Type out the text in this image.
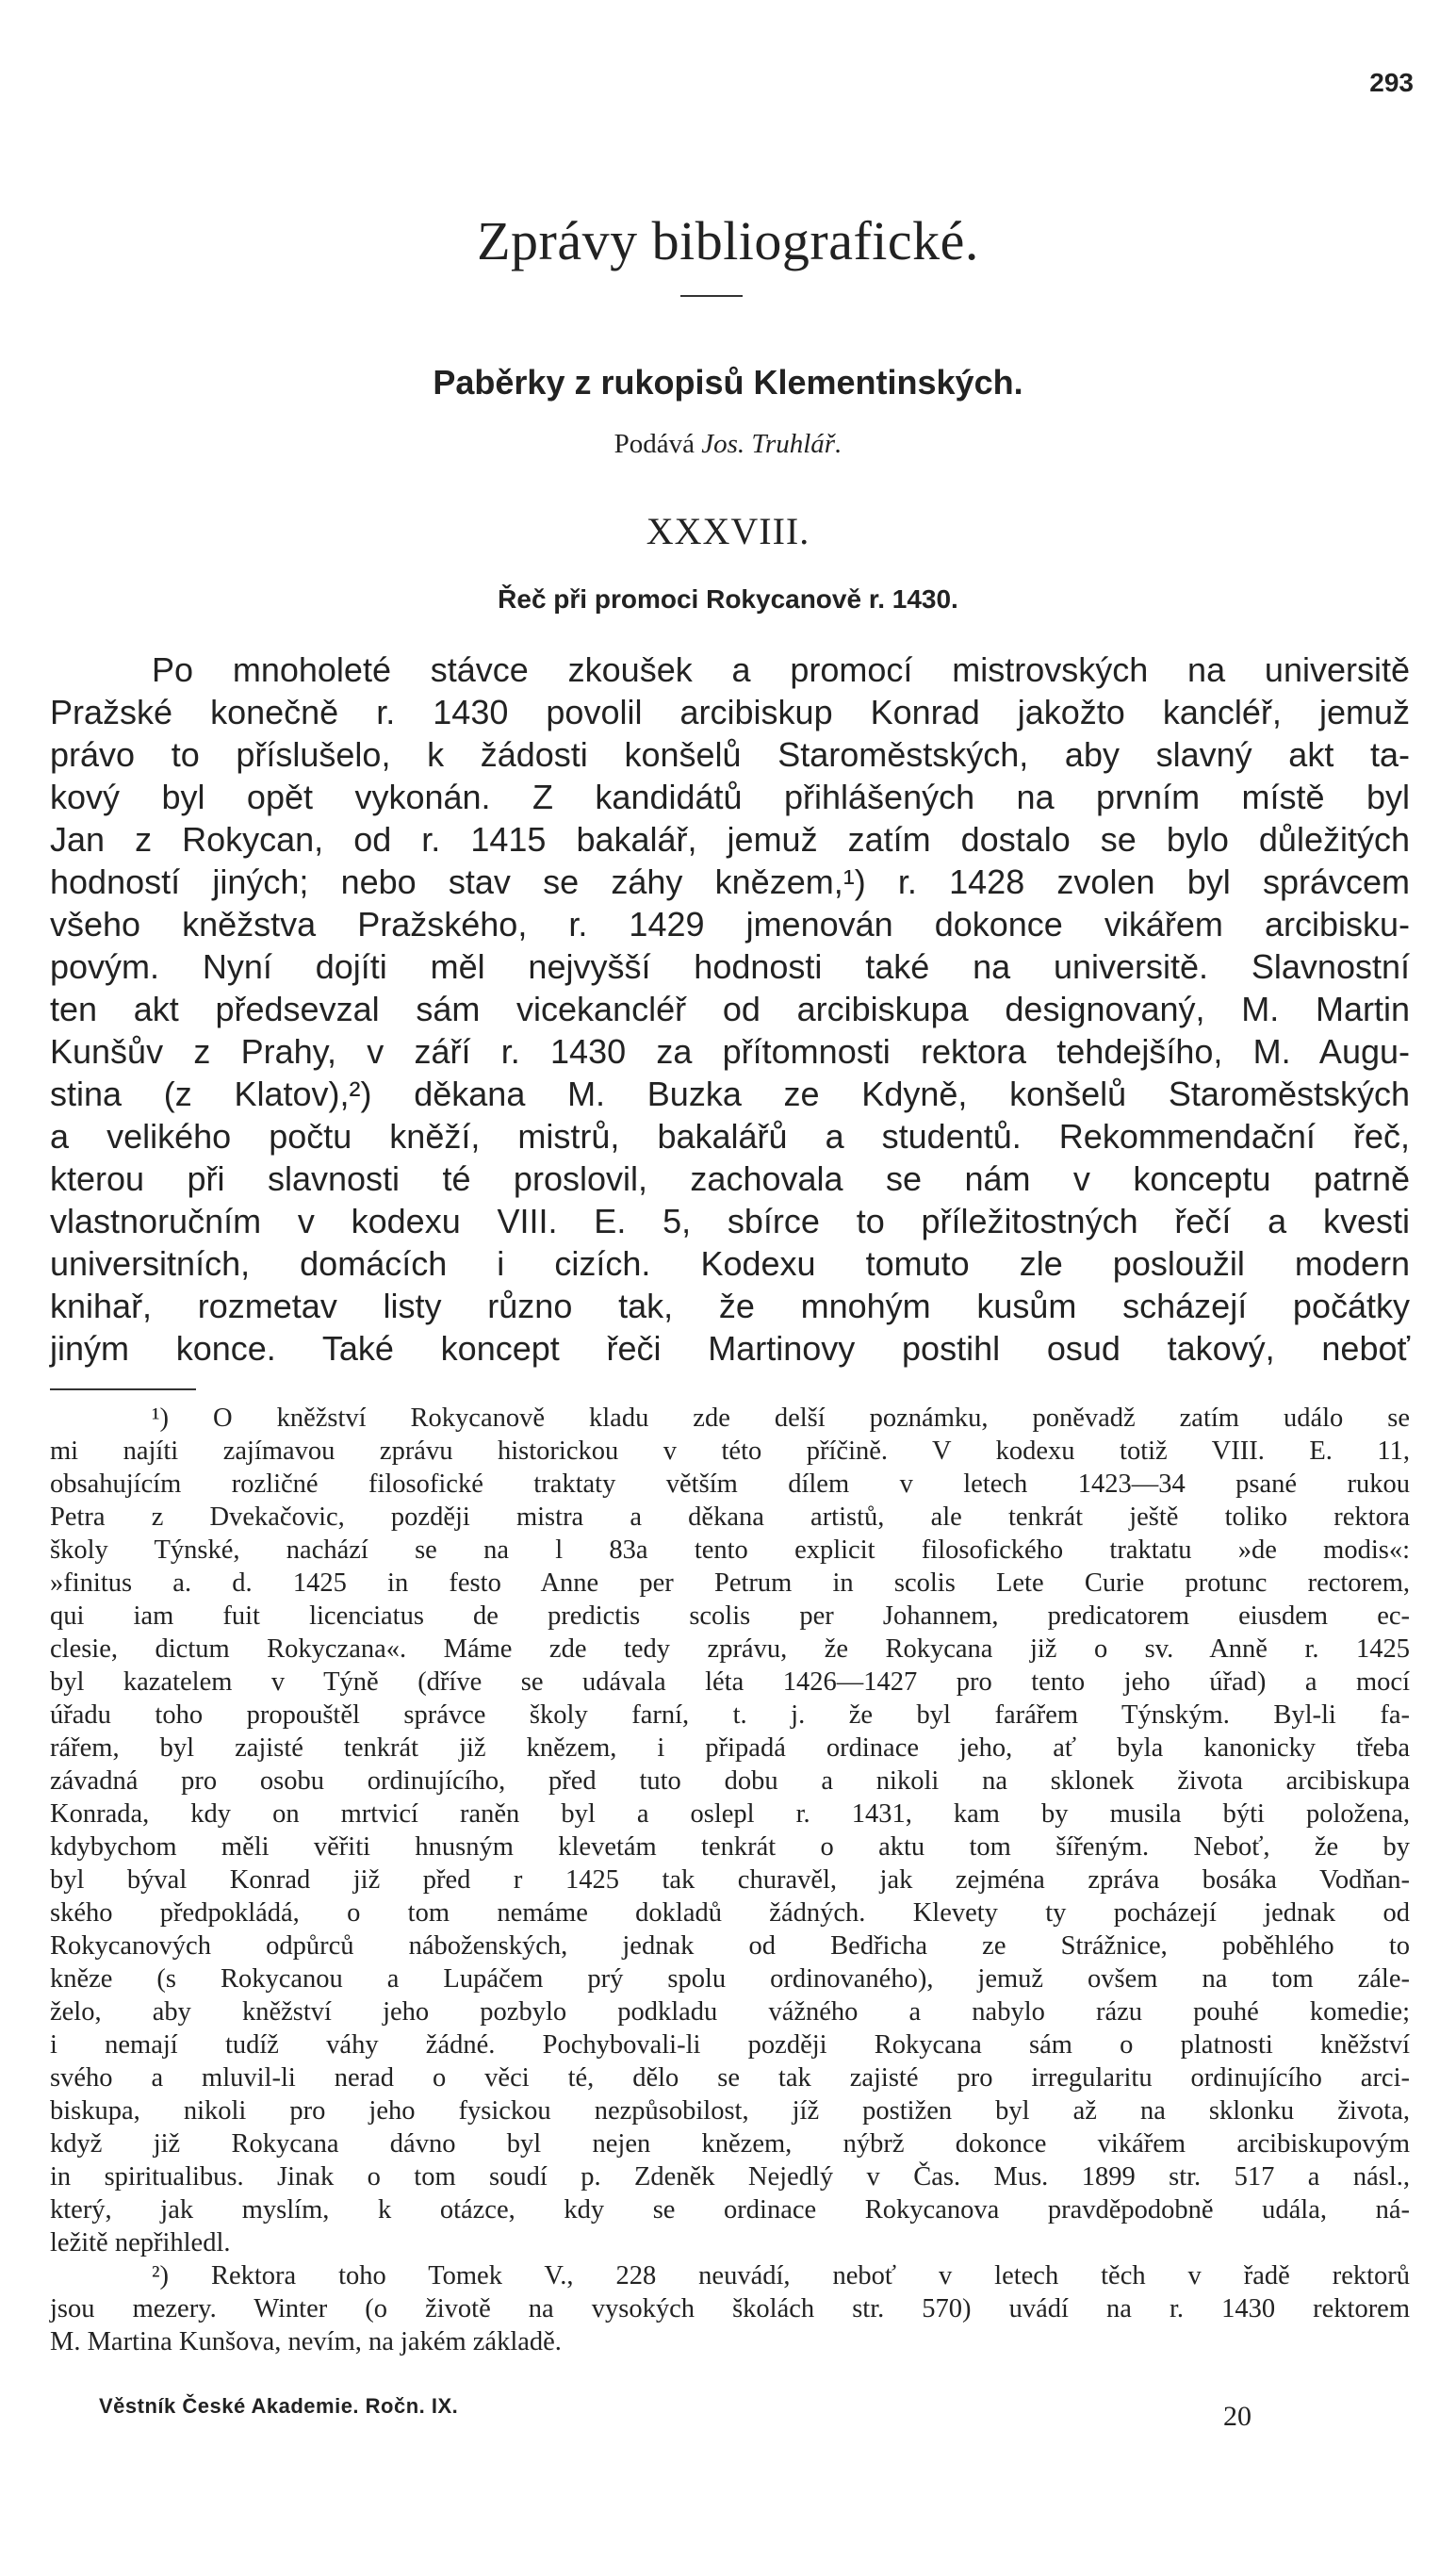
293
Zprávy bibliografické.
Paběrky z rukopisů Klementinských.
Podává Jos. Truhlář.
XXXVIII.
Řeč při promoci Rokycanově r. 1430.
Po mnoholeté stávce zkoušek a promocí mistrovských na universitě
Pražské konečně r. 1430 povolil arcibiskup Konrad jakožto kancléř, jemuž
právo to příslušelo, k žádosti konšelů Staroměstských, aby slavný akt ta-
kový byl opět vykonán. Z kandidátů přihlášených na prvním místě byl
Jan z Rokycan, od r. 1415 bakalář, jemuž zatím dostalo se bylo důležitých
hodností jiných; nebo stav se záhy knězem,¹) r. 1428 zvolen byl správcem
všeho kněžstva Pražského, r. 1429 jmenován dokonce vikářem arcibisku-
povým. Nyní dojíti měl nejvyšší hodnosti také na universitě. Slavnostní
ten akt předsevzal sám vicekancléř od arcibiskupa designovaný, M. Martin
Kunšův z Prahy, v září r. 1430 za přítomnosti rektora tehdejšího, M. Augu-
stina (z Klatov),²) děkana M. Buzka ze Kdyně, konšelů Staroměstských
a velikého počtu kněží, mistrů, bakalářů a studentů. Rekommendační řeč,
kterou při slavnosti té proslovil, zachovala se nám v konceptu patrně
vlastnoručním v kodexu VIII. E. 5, sbírce to příležitostných řečí a kvesti
universitních, domácích i cizích. Kodexu tomuto zle posloužil modern
knihař, rozmetav listy různo tak, že mnohým kusům scházejí počátky
jiným konce. Také koncept řeči Martinovy postihl osud takový, neboť
¹) O kněžství Rokycanově kladu zde delší poznámku, poněvadž zatím událo se
mi najíti zajímavou zprávu historickou v této příčině. V kodexu totiž VIII. E. 11,
obsahujícím rozličné filosofické traktaty větším dílem v letech 1423—34 psané rukou
Petra z Dvekačovic, později mistra a děkana artistů, ale tenkrát ještě toliko rektora
školy Týnské, nachází se na l 83a tento explicit filosofického traktatu »de modis«:
»finitus a. d. 1425 in festo Anne per Petrum in scolis Lete Curie protunc rectorem,
qui iam fuit licenciatus de predictis scolis per Johannem, predicatorem eiusdem ec-
clesie, dictum Rokyczana«. Máme zde tedy zprávu, že Rokycana již o sv. Anně r. 1425
byl kazatelem v Týně (dříve se udávala léta 1426—1427 pro tento jeho úřad) a mocí
úřadu toho propouštěl správce školy farní, t. j. že byl farářem Týnským. Byl-li fa-
rářem, byl zajisté tenkrát již knězem, i připadá ordinace jeho, ať byla kanonicky třeba
závadná pro osobu ordinujícího, před tuto dobu a nikoli na sklonek života arcibiskupa
Konrada, kdy on mrtvicí raněn byl a oslepl r. 1431, kam by musila býti položena,
kdybychom měli věřiti hnusným klevetám tenkrát o aktu tom šířeným. Neboť, že by
byl býval Konrad již před r 1425 tak churavěl, jak zejména zpráva bosáka Vodňan-
ského předpokládá, o tom nemáme dokladů žádných. Klevety ty pocházejí jednak od
Rokycanových odpůrců náboženských, jednak od Bedřicha ze Strážnice, poběhlého to
kněze (s Rokycanou a Lupáčem prý spolu ordinovaného), jemuž ovšem na tom zále-
želo, aby kněžství jeho pozbylo podkladu vážného a nabylo rázu pouhé komedie;
i nemají tudíž váhy žádné. Pochybovali-li později Rokycana sám o platnosti kněžství
svého a mluvil-li nerad o věci té, dělo se tak zajisté pro irregularitu ordinujícího arci-
biskupa, nikoli pro jeho fysickou nezpůsobilost, jíž postižen byl až na sklonku života,
když již Rokycana dávno byl nejen knězem, nýbrž dokonce vikářem arcibiskupovým
in spiritualibus. Jinak o tom soudí p. Zdeněk Nejedlý v Čas. Mus. 1899 str. 517 a násl.,
který, jak myslím, k otázce, kdy se ordinace Rokycanova pravděpodobně udála, ná-
ležitě nepřihledl.
²) Rektora toho Tomek V., 228 neuvádí, neboť v letech těch v řadě rektorů
jsou mezery. Winter (o životě na vysokých školách str. 570) uvádí na r. 1430 rektorem
M. Martina Kunšova, nevím, na jakém základě.
Věstník České Akademie. Ročn. IX.	20
